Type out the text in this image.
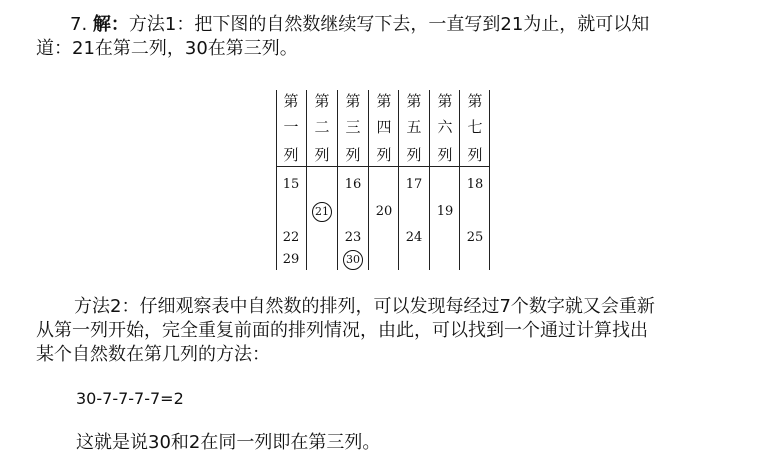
7. 解：方法1：把下图的自然数继续写下去，一直写到21为止，就可以知
道：21在第二列，30在第三列。
第
一
列
15
22
29
第
二
列
21
第
三
列
16
23
30
第
四
列
20
第
五
列
17
24
第
六
列
19
第
七
列
18
25
方法2：仔细观察表中自然数的排列，可以发现每经过7个数字就又会重新
从第一列开始，完全重复前面的排列情况，由此，可以找到一个通过计算找出
某个自然数在第几列的方法：
30-7-7-7-7=2
这就是说30和2在同一列即在第三列。
